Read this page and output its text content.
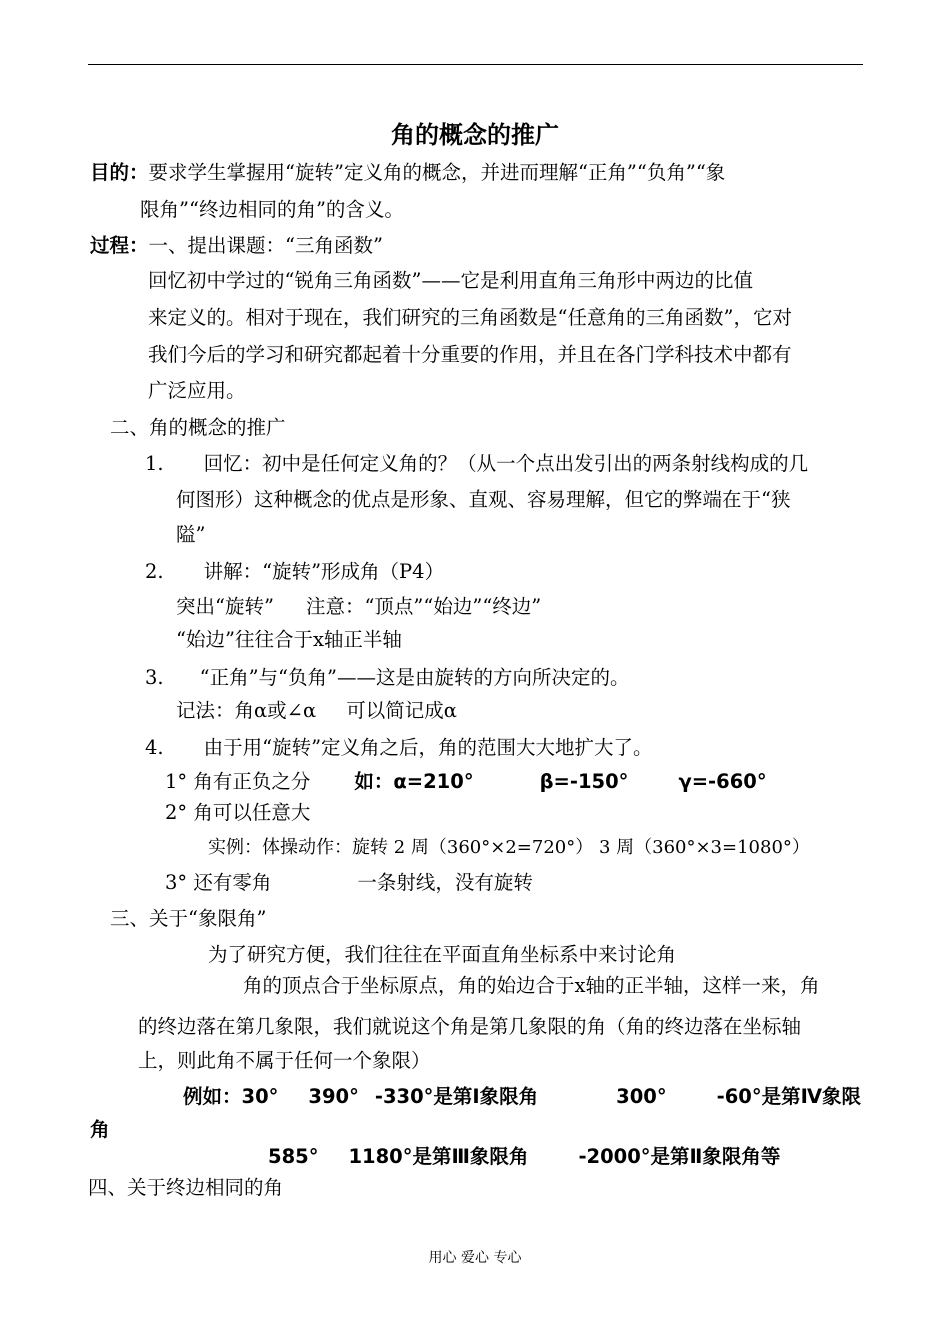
角的概念的推广
目的：要求学生掌握用“旋转”定义角的概念，并进而理解“正角”“负角”“象
限角”“终边相同的角”的含义。
过程：一、提出课题：“三角函数”
回忆初中学过的“锐角三角函数”——它是利用直角三角形中两边的比值
来定义的。相对于现在，我们研究的三角函数是“任意角的三角函数”，它对
我们今后的学习和研究都起着十分重要的作用，并且在各门学科技术中都有
广泛应用。
二、角的概念的推广
1. 回忆：初中是任何定义角的？（从一个点出发引出的两条射线构成的几
何图形）这种概念的优点是形象、直观、容易理解，但它的弊端在于“狭
隘”
2. 讲解：“旋转”形成角（P4）
突出“旋转” 注意：“顶点”“始边”“终边”
“始边”往往合于x轴正半轴
3. “正角”与“负角”——这是由旋转的方向所决定的。
记法：角α或∠α 可以简记成α
4. 由于用“旋转”定义角之后，角的范围大大地扩大了。
1° 角有正负之分 如：α=210°	β=-150°	γ=-660°
2° 角可以任意大
实例：体操动作：旋转 2 周（360°×2=720°） 3 周（360°×3=1080°）
3° 还有零角	一条射线，没有旋转
三、关于“象限角”
为了研究方便，我们往往在平面直角坐标系中来讨论角
角的顶点合于坐标原点，角的始边合于x轴的正半轴，这样一来，角
的终边落在第几象限，我们就说这个角是第几象限的角（角的终边落在坐标轴
上，则此角不属于任何一个象限）
例如：30° 390° -330°是第Ⅰ象限角	300°	-60°是第Ⅳ象限
角
585° 1180°是第Ⅲ象限角	-2000°是第Ⅱ象限角等
四、关于终边相同的角
用心 爱心 专心
